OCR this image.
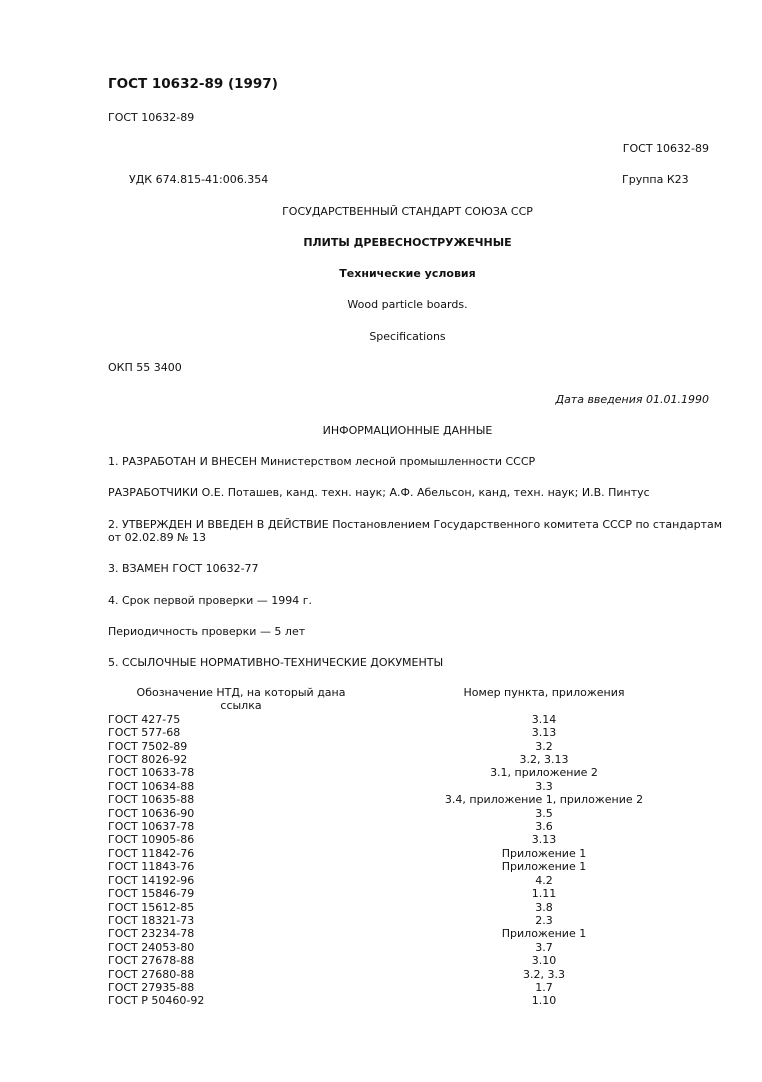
ГОСТ 10632-89 (1997)
ГОСТ 10632-89
ГОСТ 10632-89
УДК 674.815-41:006.354	Группа К23
ГОСУДАРСТВЕННЫЙ СТАНДАРТ СОЮЗА ССР
ПЛИТЫ ДРЕВЕСНОСТРУЖЕЧНЫЕ
Технические условия
Wood particle boards.
Specifications
ОКП 55 3400
Дата введения 01.01.1990
ИНФОРМАЦИОННЫЕ ДАННЫЕ
1. РАЗРАБОТАН И ВНЕСЕН Министерством лесной промышленности СССР
РАЗРАБОТЧИКИ О.Е. Поташев, канд. техн. наук; А.Ф. Абельсон, канд, техн. наук; И.В. Пинтус
2. УТВЕРЖДЕН И ВВЕДЕН В ДЕЙСТВИЕ Постановлением Государственного комитета СССР по стандартам
от 02.02.89 № 13
3. ВЗАМЕН ГОСТ 10632-77
4. Срок первой проверки — 1994 г.
Периодичность проверки — 5 лет
5. ССЫЛОЧНЫЕ НОРМАТИВНО-ТЕХНИЧЕСКИЕ ДОКУМЕНТЫ
Обозначение НТД, на который дана ссылка	Номер пункта, приложения
ГОСТ 427-75	3.14
ГОСТ 577-68	3.13
ГОСТ 7502-89	3.2
ГОСТ 8026-92	3.2, 3.13
ГОСТ 10633-78	3.1, приложение 2
ГОСТ 10634-88	3.3
ГОСТ 10635-88	3.4, приложение 1, приложение 2
ГОСТ 10636-90	3.5
ГОСТ 10637-78	3.6
ГОСТ 10905-86	3.13
ГОСТ 11842-76	Приложение 1
ГОСТ 11843-76	Приложение 1
ГОСТ 14192-96	4.2
ГОСТ 15846-79	1.11
ГОСТ 15612-85	3.8
ГОСТ 18321-73	2.3
ГОСТ 23234-78	Приложение 1
ГОСТ 24053-80	3.7
ГОСТ 27678-88	3.10
ГОСТ 27680-88	3.2, 3.3
ГОСТ 27935-88	1.7
ГОСТ Р 50460-92	1.10
